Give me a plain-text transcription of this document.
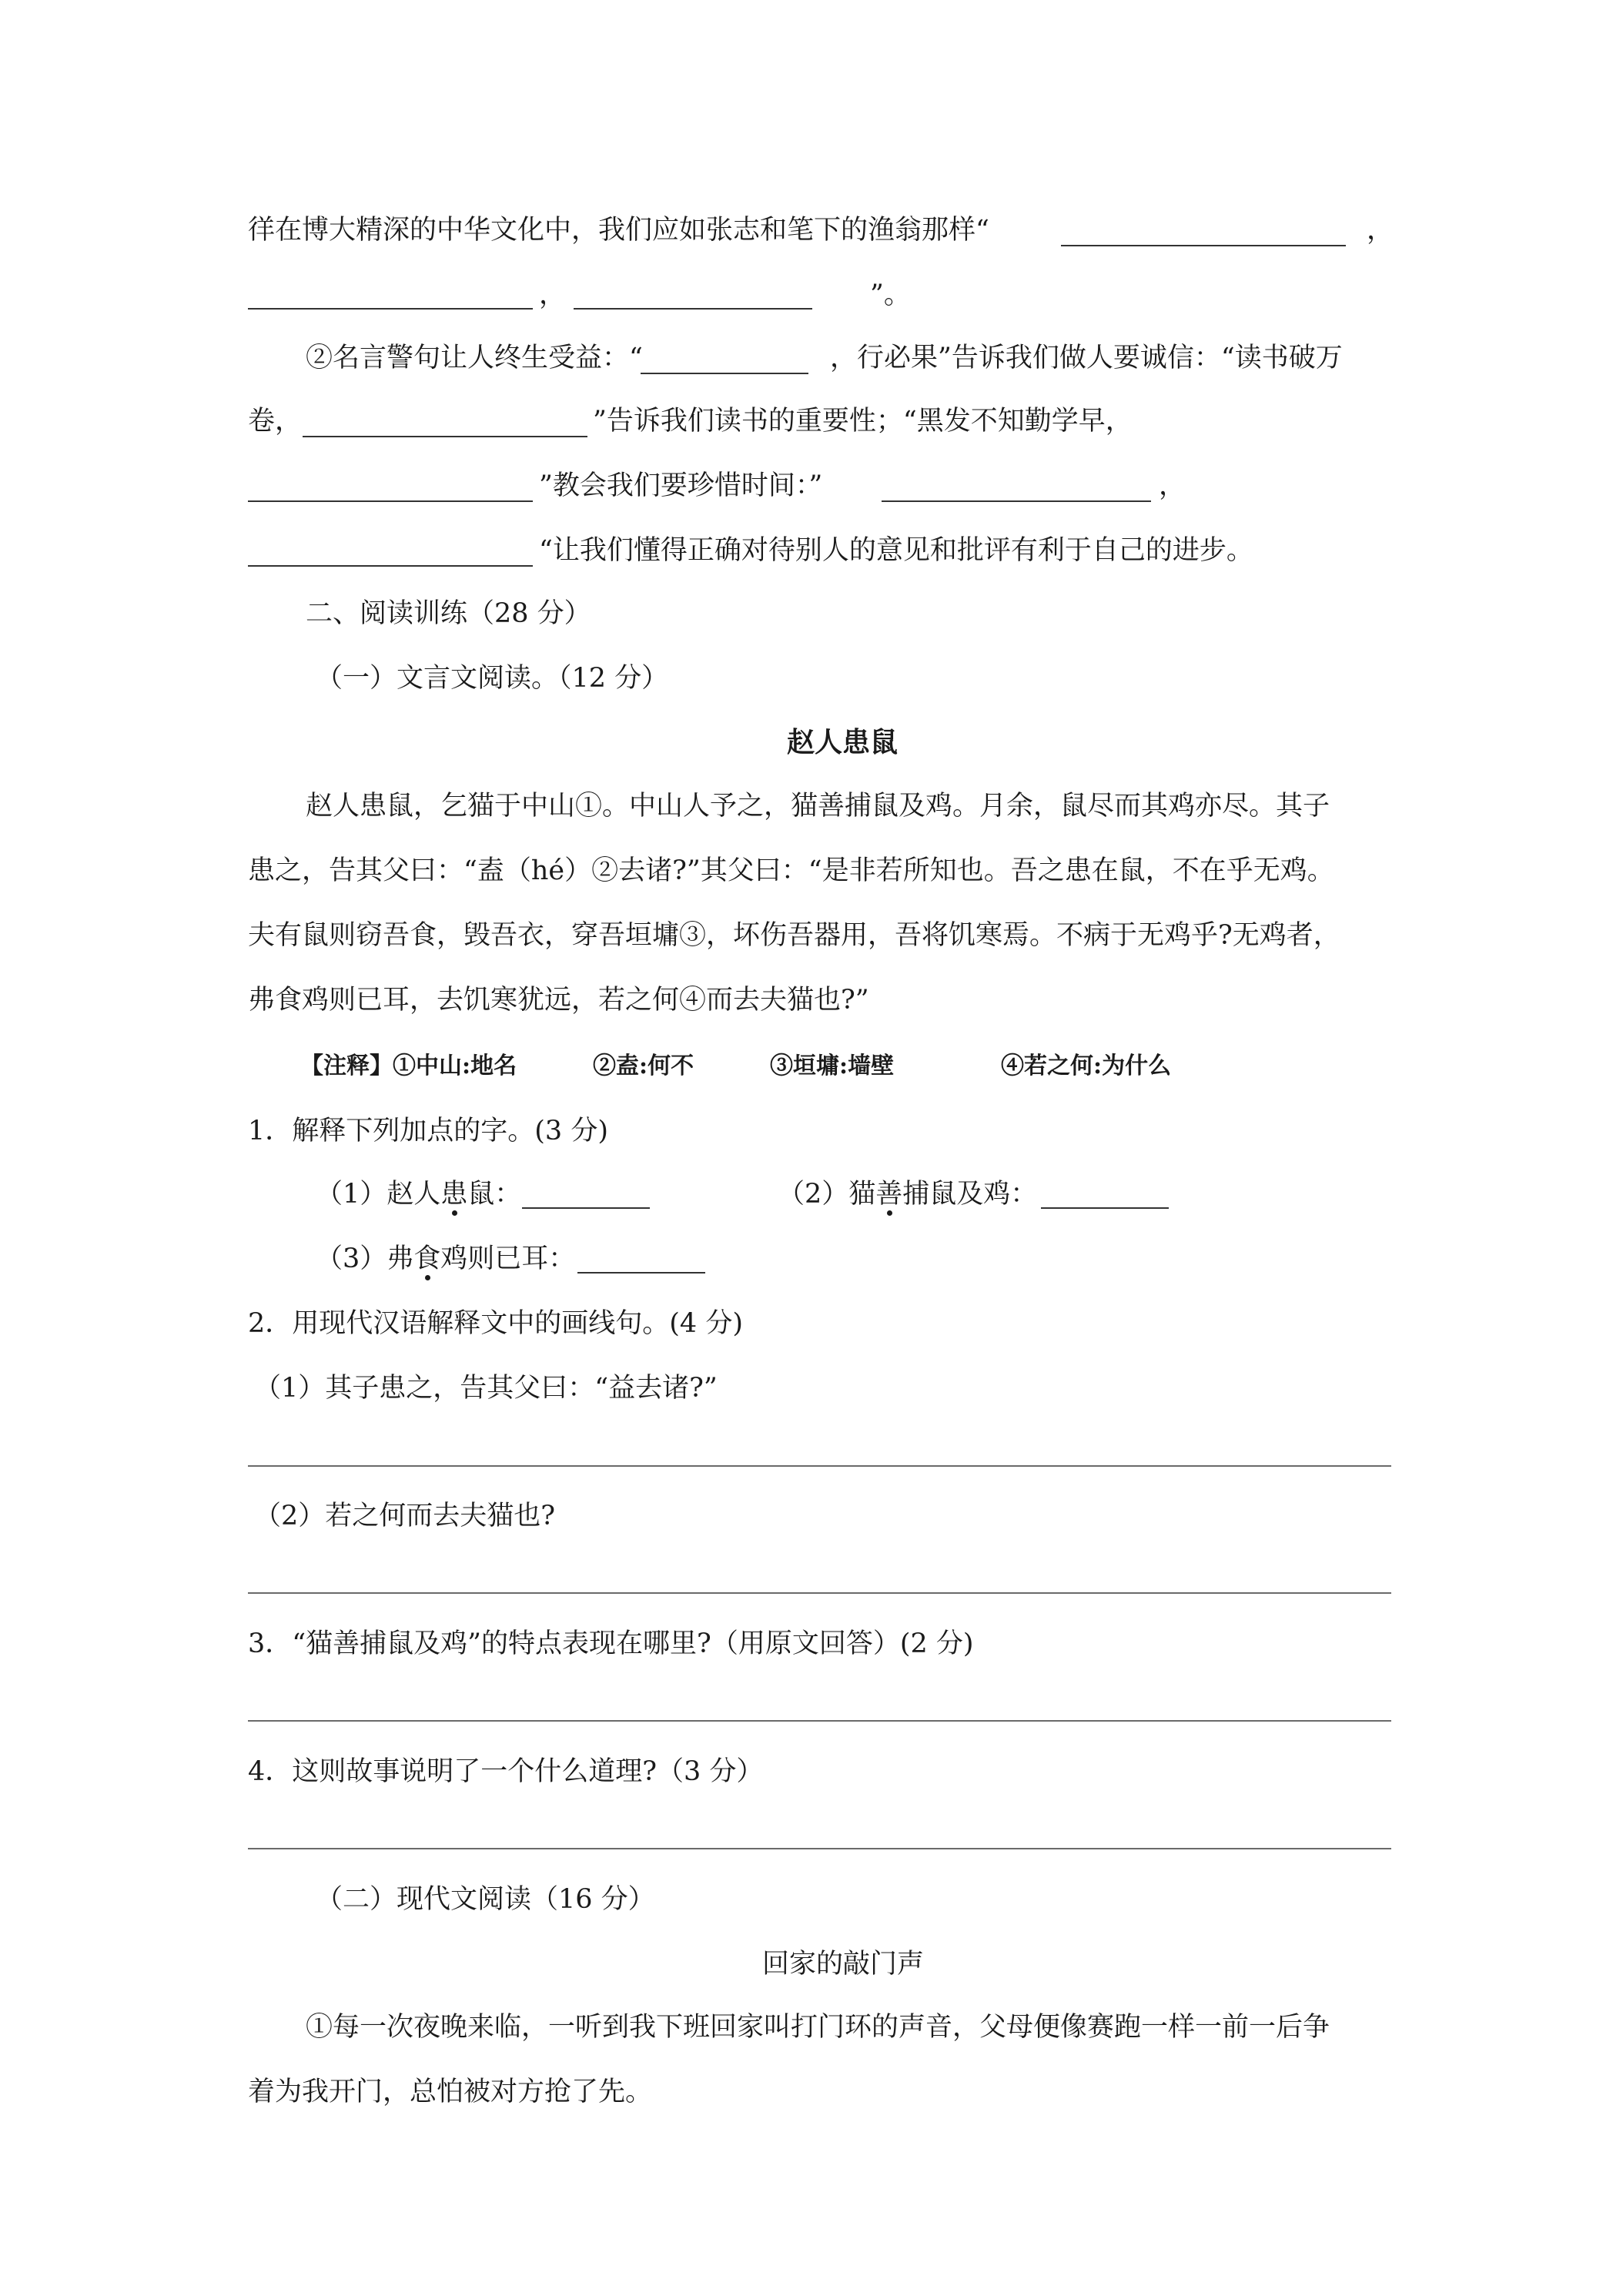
徉在博大精深的中华文化中，我们应如张志和笔下的渔翁那样“	，
，	”。
②名言警句让人终生受益：“	，行必果”告诉我们做人要诚信：“读书破万
卷，	”告诉我们读书的重要性；“黑发不知勤学早，
”教会我们要珍惜时间：”	，
“让我们懂得正确对待别人的意见和批评有利于自己的进步。
二、阅读训练（28 分）
（一）文言文阅读。（12 分）
赵人患鼠
赵人患鼠，乞猫于中山①。中山人予之，猫善捕鼠及鸡。月余，鼠尽而其鸡亦尽。其子
患之，告其父曰：“盍（hé）②去诸?”其父曰：“是非若所知也。吾之患在鼠，不在乎无鸡。
夫有鼠则窃吾食，毁吾衣，穿吾垣墉③，坏伤吾器用，吾将饥寒焉。不病于无鸡乎?无鸡者，
弗食鸡则已耳，去饥寒犹远，若之何④而去夫猫也?”
【注释】①中山:地名	②盍:何不	③垣墉:墙壁	④若之何:为什么
1．解释下列加点的字。(3 分)
（1）赵人患鼠：	（2）猫善捕鼠及鸡：
（3）弗食鸡则已耳：
2．用现代汉语解释文中的画线句。(4 分)
（1）其子患之，告其父曰：“益去诸?”
（2）若之何而去夫猫也?
3．“猫善捕鼠及鸡”的特点表现在哪里?（用原文回答）(2 分)
4．这则故事说明了一个什么道理?（3 分）
（二）现代文阅读（16 分）
回家的敲门声
①每一次夜晚来临，一听到我下班回家叫打门环的声音，父母便像赛跑一样一前一后争
着为我开门，总怕被对方抢了先。
